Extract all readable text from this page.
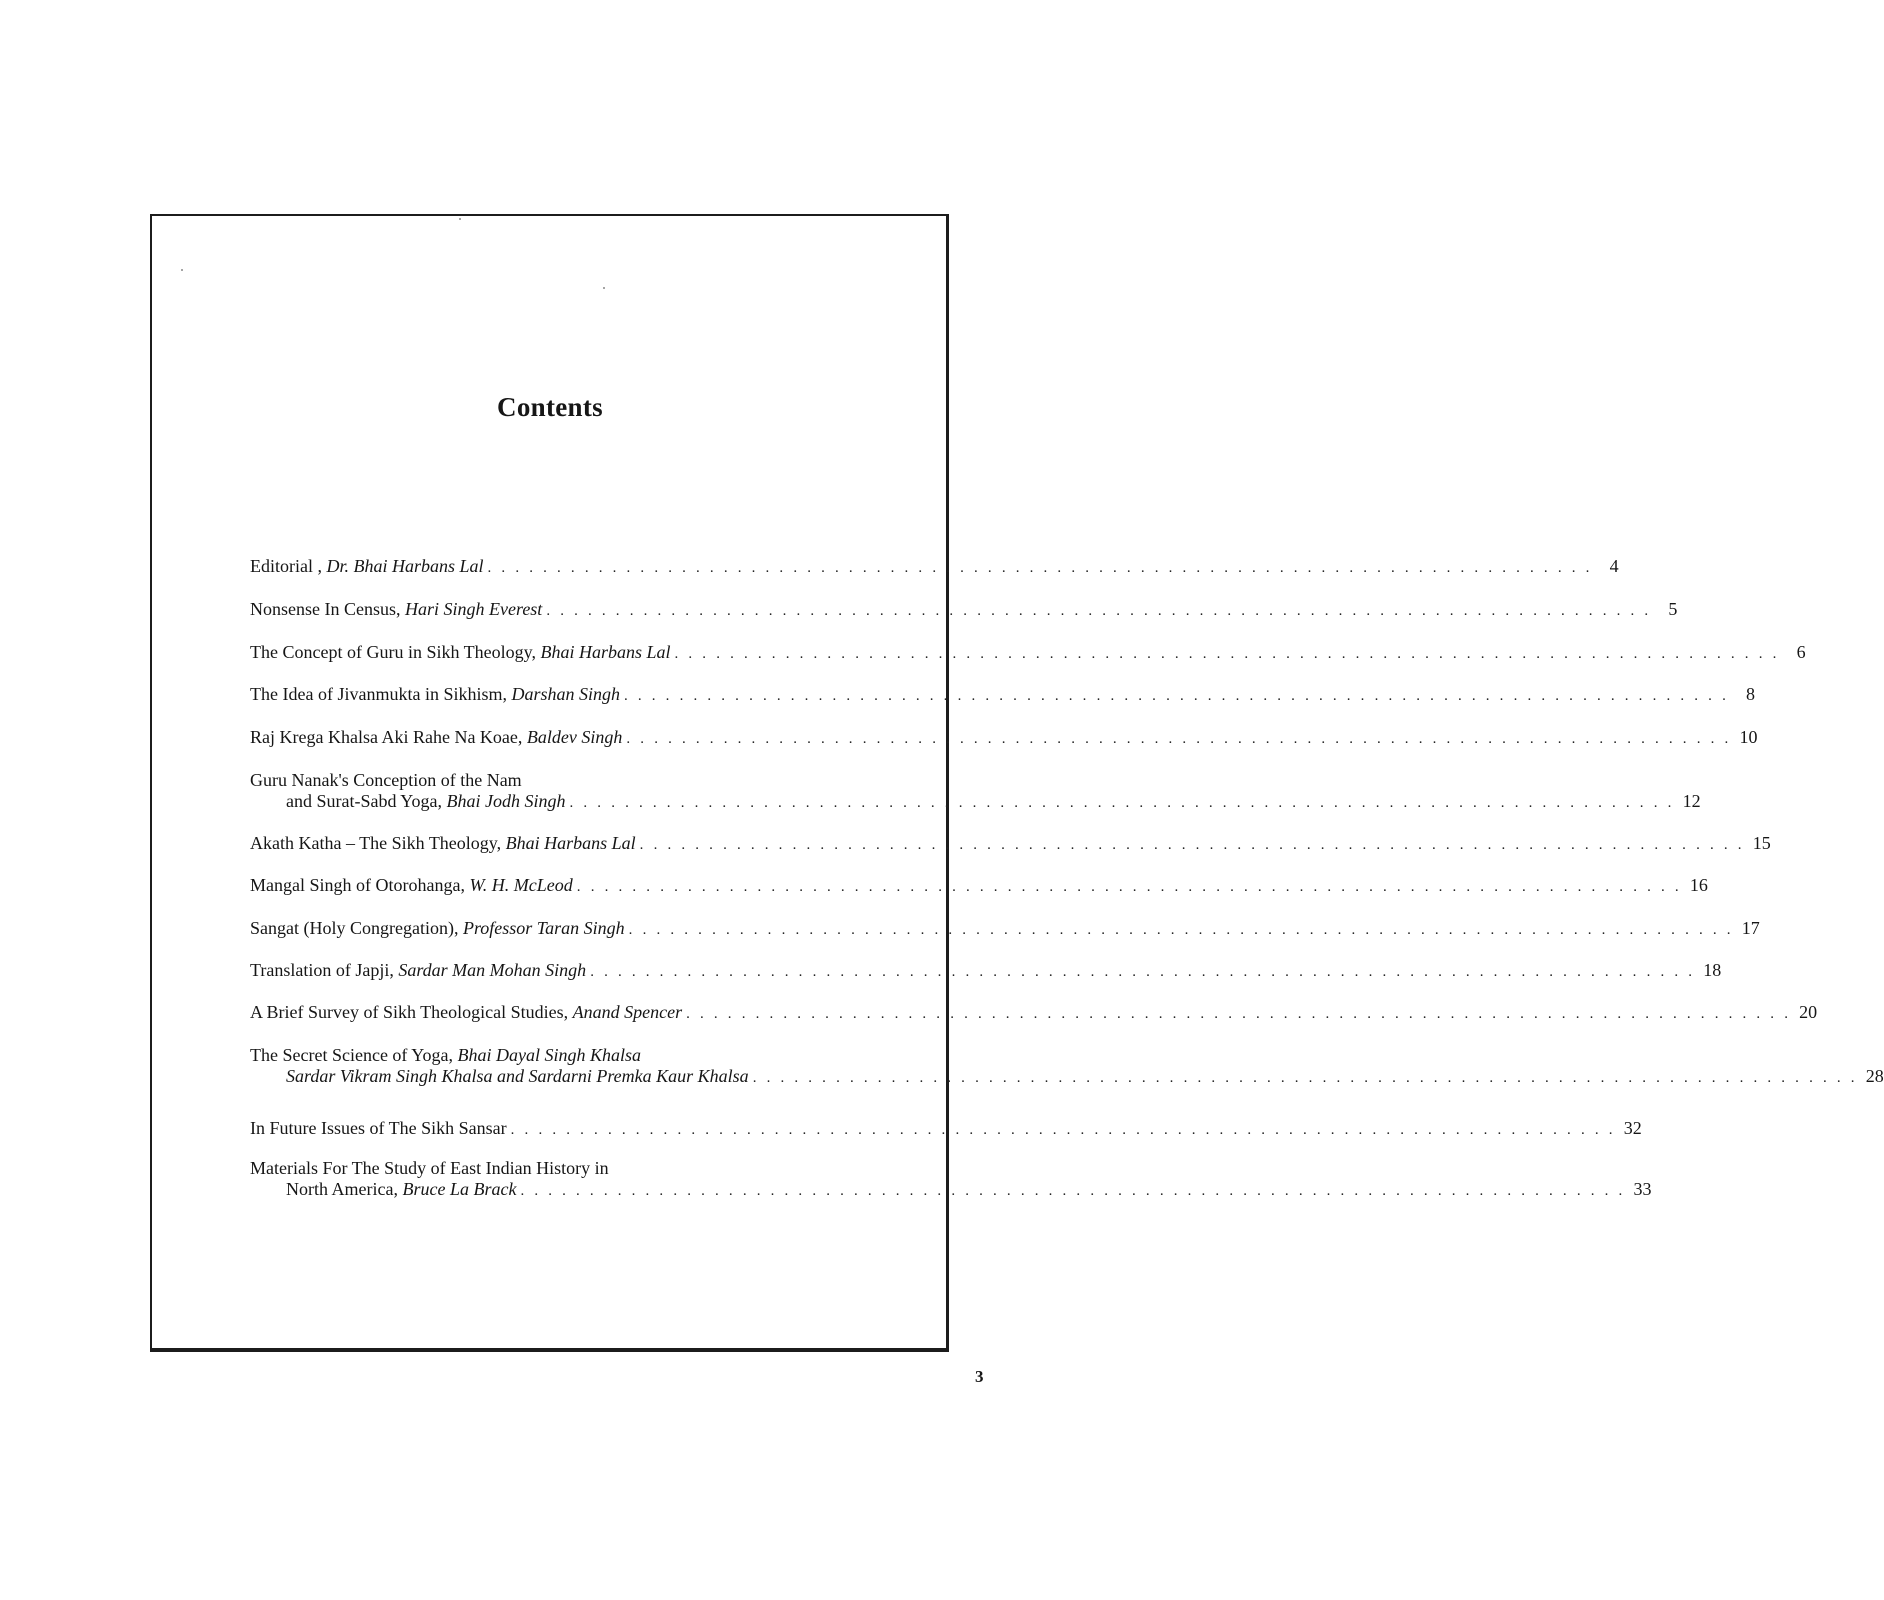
Contents
Editorial , Dr. Bhai Harbans Lal . . . . . . . . . . . . . . . . . . . . . . . . . . . . . . . . . . . . . . . . . . . . . . . . . . . . . . . . . . . . . . . . . . . . . . . . . . . . . . . . 4
Nonsense In Census, Hari Singh Everest . . . . . . . . . . . . . . . . . . . . . . . . . . . . . . . . . . . . . . . . . . . . . . . . . . . . . . . . . . . . . . . . . . . . . . . . . . . . . . . . 5
The Concept of Guru in Sikh Theology, Bhai Harbans Lal . . . . . . . . . . . . . . . . . . . . . . . . . . . . . . . . . . . . . . . . . . . . . . . . . . . . . . . . . . . . . . . . . . . . . . . . . . . . . . . . 6
The Idea of Jivanmukta in Sikhism, Darshan Singh . . . . . . . . . . . . . . . . . . . . . . . . . . . . . . . . . . . . . . . . . . . . . . . . . . . . . . . . . . . . . . . . . . . . . . . . . . . . . . . . 8
Raj Krega Khalsa Aki Rahe Na Koae, Baldev Singh . . . . . . . . . . . . . . . . . . . . . . . . . . . . . . . . . . . . . . . . . . . . . . . . . . . . . . . . . . . . . . . . . . . . . . . . . . . . . . . . 10
Guru Nanak's Conception of the Nam
and Surat-Sabd Yoga, Bhai Jodh Singh . . . . . . . . . . . . . . . . . . . . . . . . . . . . . . . . . . . . . . . . . . . . . . . . . . . . . . . . . . . . . . . . . . . . . . . . . . . . . . . . 12
Akath Katha – The Sikh Theology, Bhai Harbans Lal . . . . . . . . . . . . . . . . . . . . . . . . . . . . . . . . . . . . . . . . . . . . . . . . . . . . . . . . . . . . . . . . . . . . . . . . . . . . . . . . 15
Mangal Singh of Otorohanga, W. H. McLeod . . . . . . . . . . . . . . . . . . . . . . . . . . . . . . . . . . . . . . . . . . . . . . . . . . . . . . . . . . . . . . . . . . . . . . . . . . . . . . . . 16
Sangat (Holy Congregation), Professor Taran Singh . . . . . . . . . . . . . . . . . . . . . . . . . . . . . . . . . . . . . . . . . . . . . . . . . . . . . . . . . . . . . . . . . . . . . . . . . . . . . . . . 17
Translation of Japji, Sardar Man Mohan Singh . . . . . . . . . . . . . . . . . . . . . . . . . . . . . . . . . . . . . . . . . . . . . . . . . . . . . . . . . . . . . . . . . . . . . . . . . . . . . . . . 18
A Brief Survey of Sikh Theological Studies, Anand Spencer . . . . . . . . . . . . . . . . . . . . . . . . . . . . . . . . . . . . . . . . . . . . . . . . . . . . . . . . . . . . . . . . . . . . . . . . . . . . . . . . 20
The Secret Science of Yoga, Bhai Dayal Singh Khalsa
Sardar Vikram Singh Khalsa and Sardarni Premka Kaur Khalsa . . . . . . . . . . . . . . . . . . . . . . . . . . . . . . . . . . . . . . . . . . . . . . . . . . . . . . . . . . . . . . . . . . . . . . . . . . . . . . . . 28
In Future Issues of The Sikh Sansar . . . . . . . . . . . . . . . . . . . . . . . . . . . . . . . . . . . . . . . . . . . . . . . . . . . . . . . . . . . . . . . . . . . . . . . . . . . . . . . . 32
Materials For The Study of East Indian History in
North America, Bruce La Brack . . . . . . . . . . . . . . . . . . . . . . . . . . . . . . . . . . . . . . . . . . . . . . . . . . . . . . . . . . . . . . . . . . . . . . . . . . . . . . . . 33
3
